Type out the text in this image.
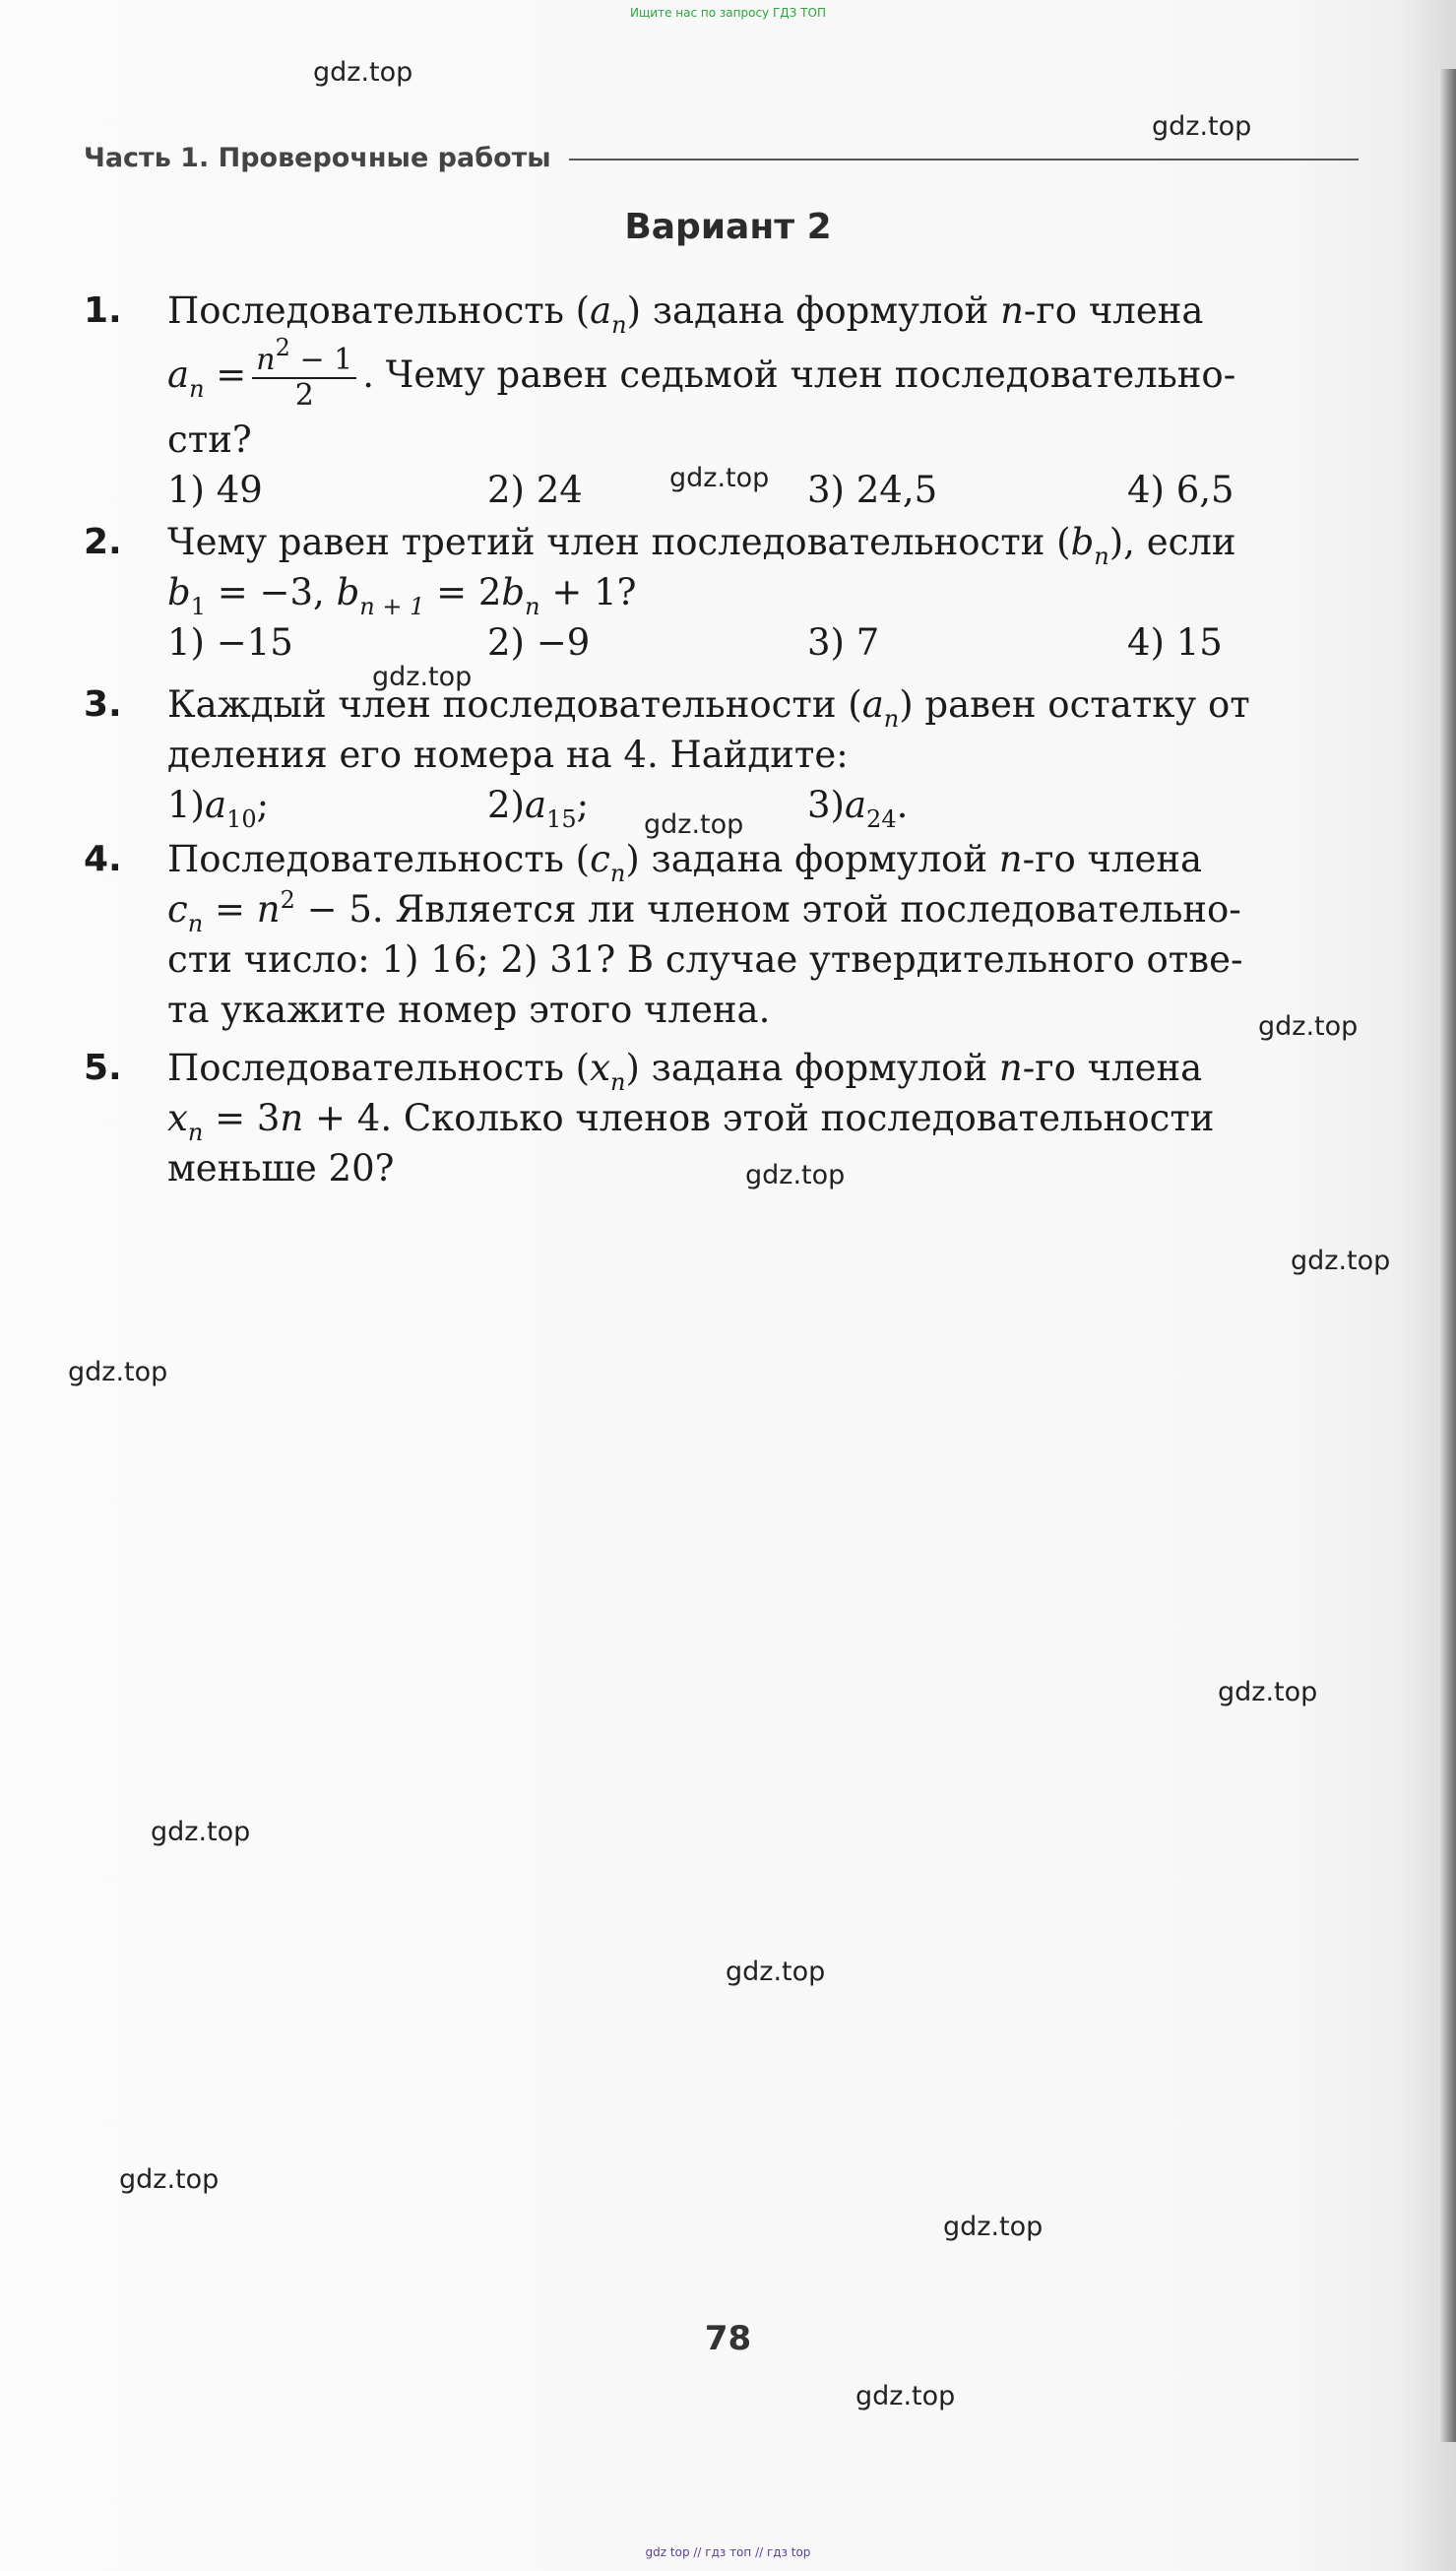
Ищите нас по запросу ГДЗ ТОП
gdz.top
gdz.top
gdz.top
gdz.top
gdz.top
gdz.top
gdz.top
gdz.top
gdz.top
gdz.top
gdz.top
gdz.top
gdz.top
gdz.top
gdz.top
Часть 1. Проверочные работы
Вариант 2
1. Последовательность $(a_n)$ задана формулой n-го члена
$a_n = \frac{n^2 - 1}{2}$ . Чему равен седьмой член последовательно-
сти?
1) 49	2) 24	3) 24,5	4) 6,5
2. Чему равен третий член последовательности $(b_n)$, если
$b_1 = -3$, $b_{n + 1} = 2b_n + 1$?
1) −15	2) −9	3) 7	4) 15
3. Каждый член последовательности $(a_n)$ равен остатку от
деления его номера на 4. Найдите:
$1)a_{10}$;	$2)a_{15}$;	$3)a_{24}$.
4. Последовательность $(c_n)$ задана формулой n-го члена
$c_n = n^2 - 5$. Является ли членом этой последовательно-
сти число: 1) 16; 2) 31? В случае утвердительного отве-
та укажите номер этого члена.
5. Последовательность $(x_n)$ задана формулой n-го члена
$x_n = 3n + 4$. Сколько членов этой последовательности
меньше 20?
78
gdz top // гдз топ // гдз top
